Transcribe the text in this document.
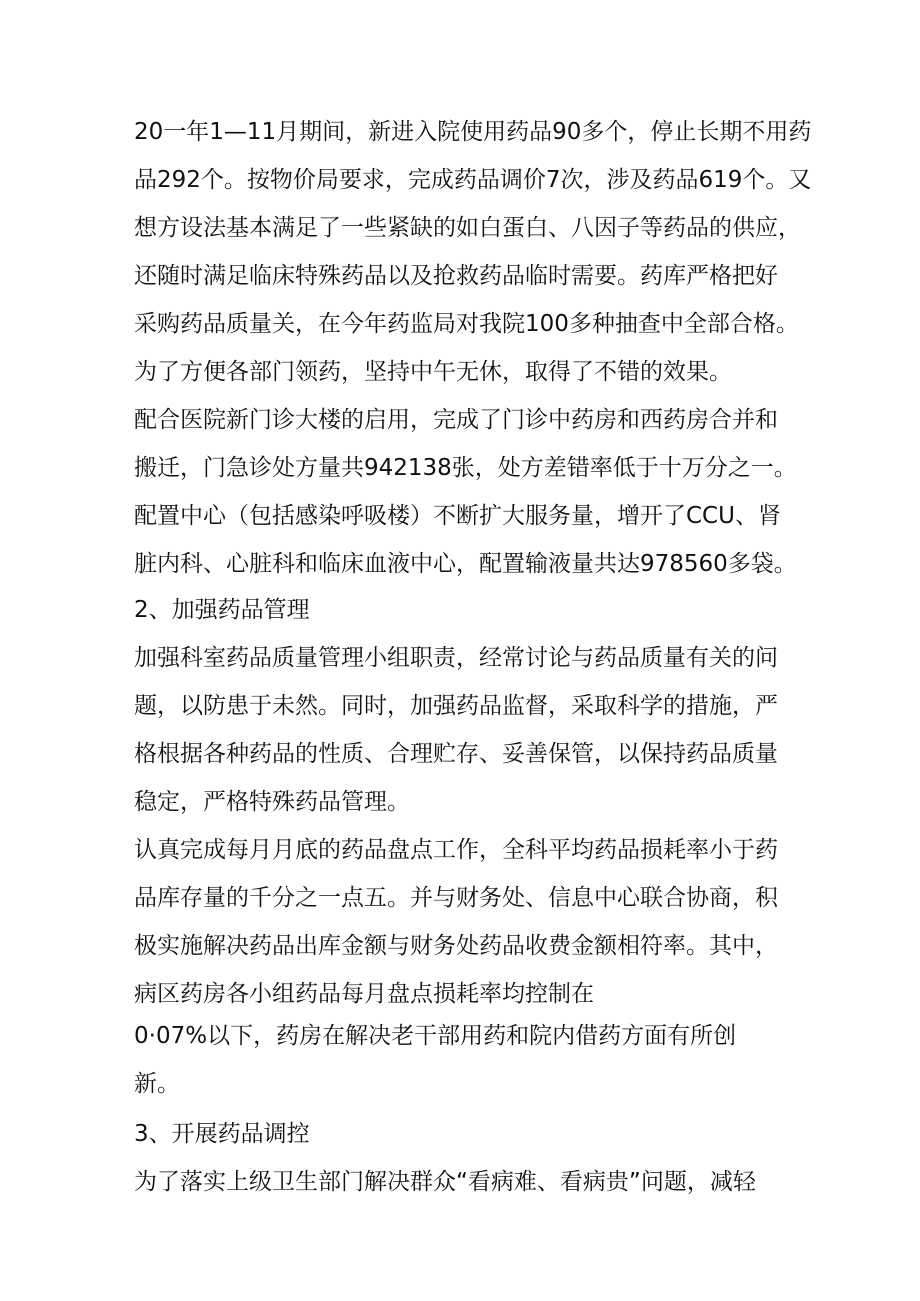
20一年1—11月期间，新进入院使用药品90多个，停止长期不用药
品292个。按物价局要求，完成药品调价7次，涉及药品619个。又
想方设法基本满足了一些紧缺的如白蛋白、八因子等药品的供应，
还随时满足临床特殊药品以及抢救药品临时需要。药库严格把好
采购药品质量关，在今年药监局对我院100多种抽查中全部合格。
为了方便各部门领药，坚持中午无休，取得了不错的效果。
配合医院新门诊大楼的启用，完成了门诊中药房和西药房合并和
搬迁，门急诊处方量共942138张，处方差错率低于十万分之一。
配置中心（包括感染呼吸楼）不断扩大服务量，增开了CCU、肾
脏内科、心脏科和临床血液中心，配置输液量共达978560多袋。
2、加强药品管理
加强科室药品质量管理小组职责，经常讨论与药品质量有关的问
题，以防患于未然。同时，加强药品监督，采取科学的措施，严
格根据各种药品的性质、合理贮存、妥善保管，以保持药品质量
稳定，严格特殊药品管理。
认真完成每月月底的药品盘点工作，全科平均药品损耗率小于药
品库存量的千分之一点五。并与财务处、信息中心联合协商，积
极实施解决药品出库金额与财务处药品收费金额相符率。其中，
病区药房各小组药品每月盘点损耗率均控制在
0·07%以下，药房在解决老干部用药和院内借药方面有所创
新。
3、开展药品调控
为了落实上级卫生部门解决群众“看病难、看病贵”问题，减轻
